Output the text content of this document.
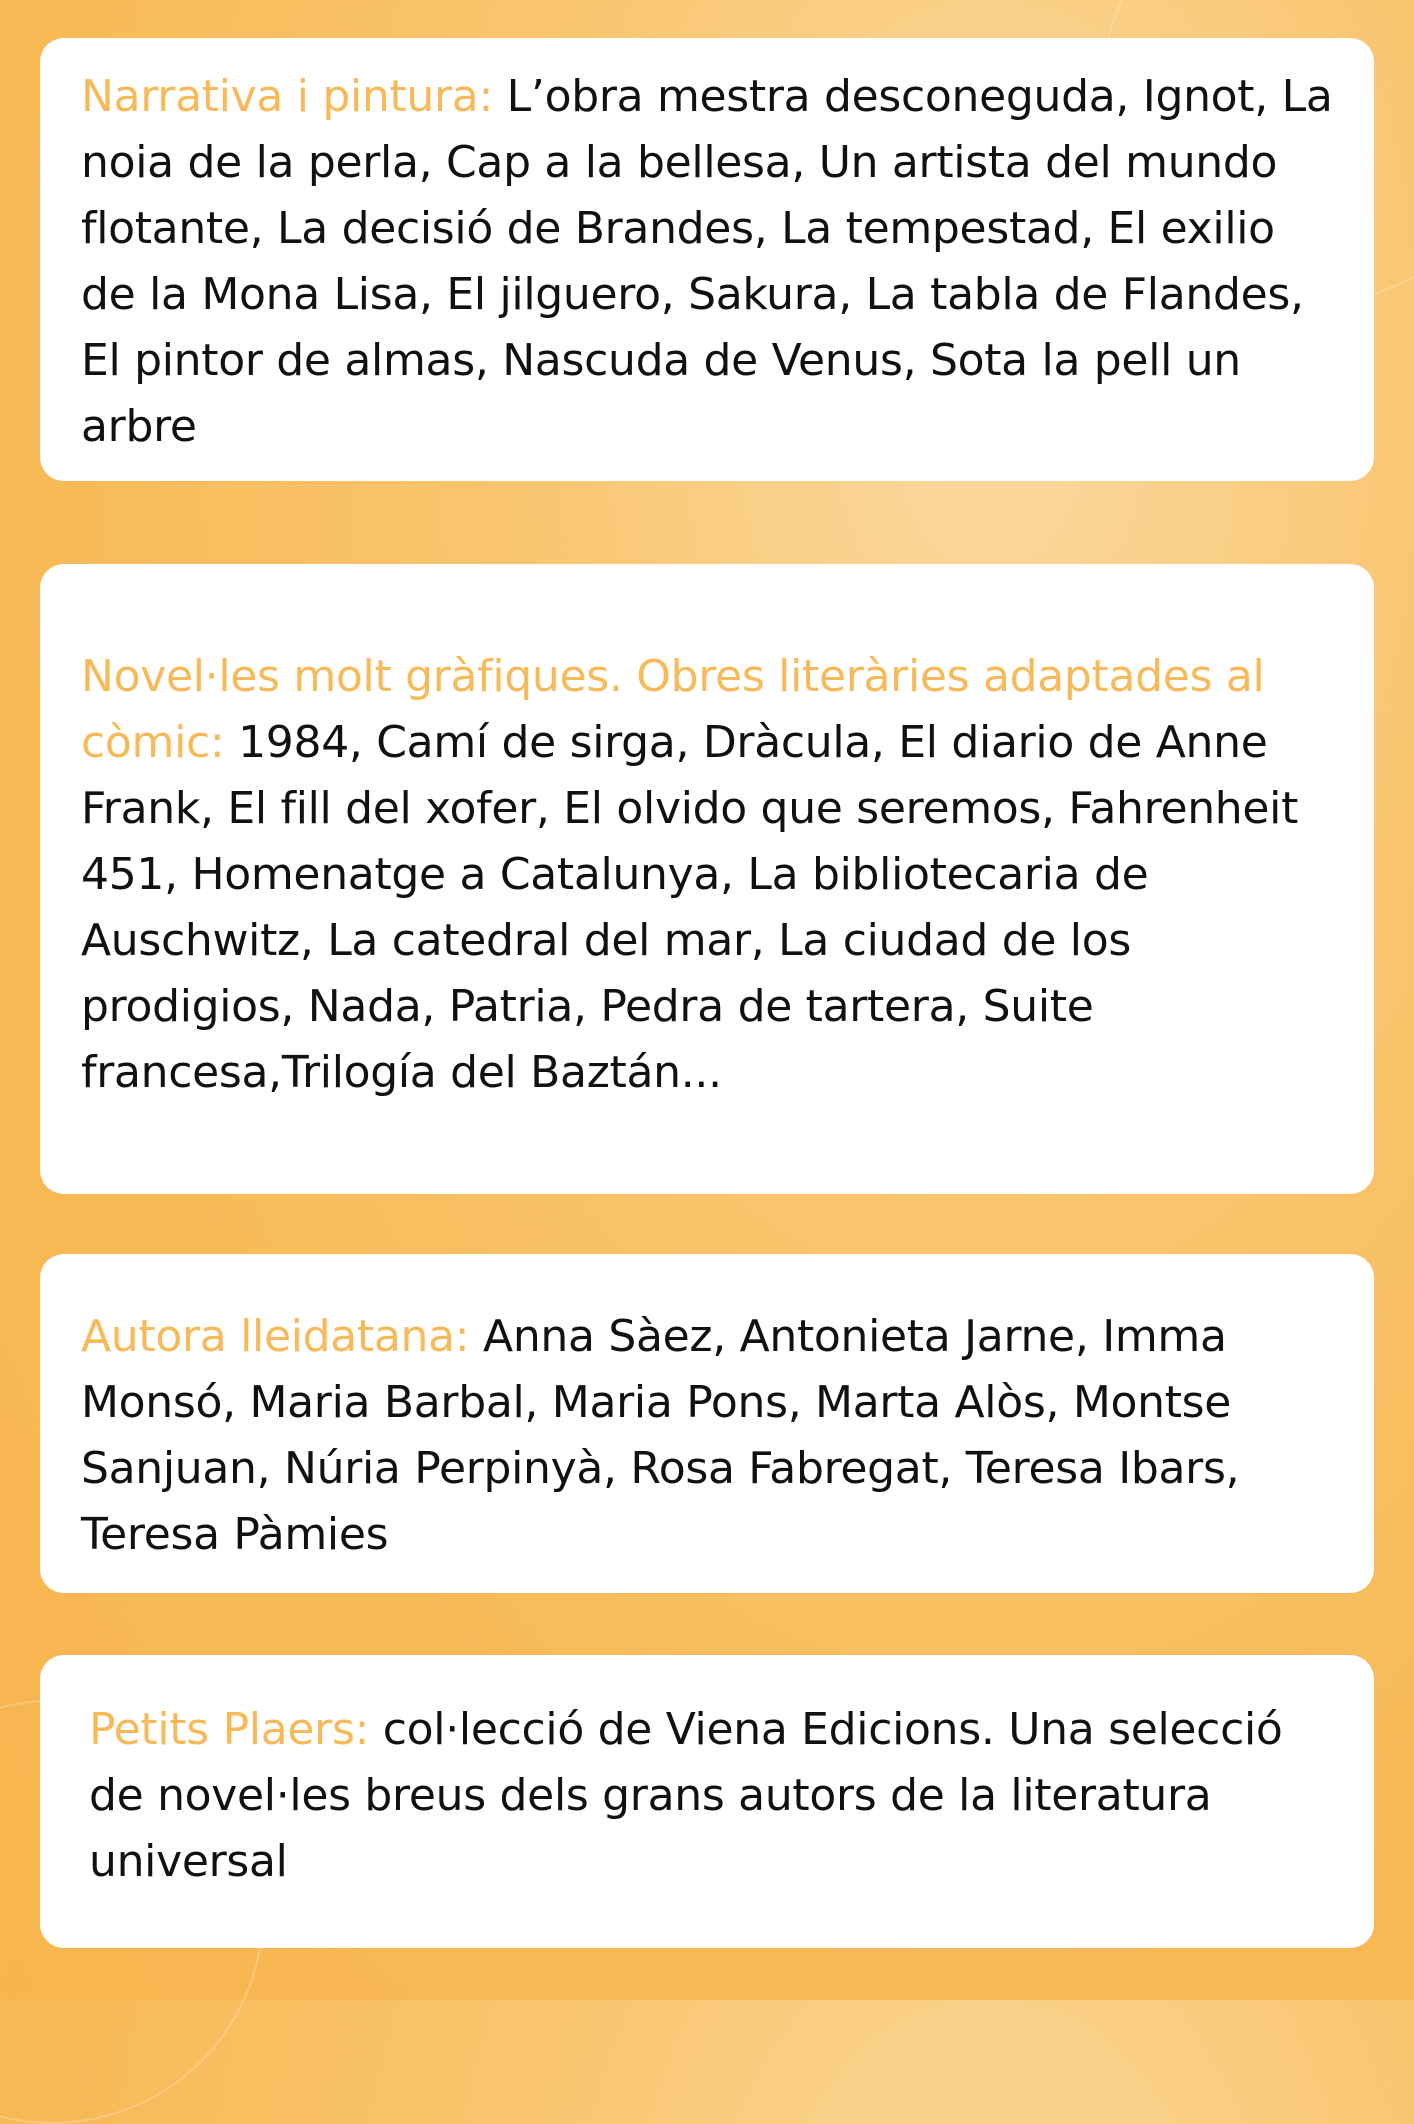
Narrativa i pintura: L’obra mestra desconeguda, Ignot, La noia de la perla, Cap a la bellesa, Un artista del mundo flotante, La decisió de Brandes, La tempestad, El exilio de la Mona Lisa, El jilguero, Sakura, La tabla de Flandes, El pintor de almas, Nascuda de Venus, Sota la pell un arbre

Novel·les molt gràfiques. Obres literàries adaptades al còmic: 1984, Camí de sirga, Dràcula, El diario de Anne Frank, El fill del xofer, El olvido que seremos, Fahrenheit 451, Homenatge a Catalunya, La bibliotecaria de Auschwitz, La catedral del mar, La ciudad de los prodigios, Nada, Patria, Pedra de tartera, Suite francesa,Trilogía del Baztán...

Autora lleidatana: Anna Sàez, Antonieta Jarne, Imma Monsó, Maria Barbal, Maria Pons, Marta Alòs, Montse Sanjuan, Núria Perpinyà, Rosa Fabregat, Teresa Ibars, Teresa Pàmies

Petits Plaers: col·lecció de Viena Edicions. Una selecció de novel·les breus dels grans autors de la literatura universal
